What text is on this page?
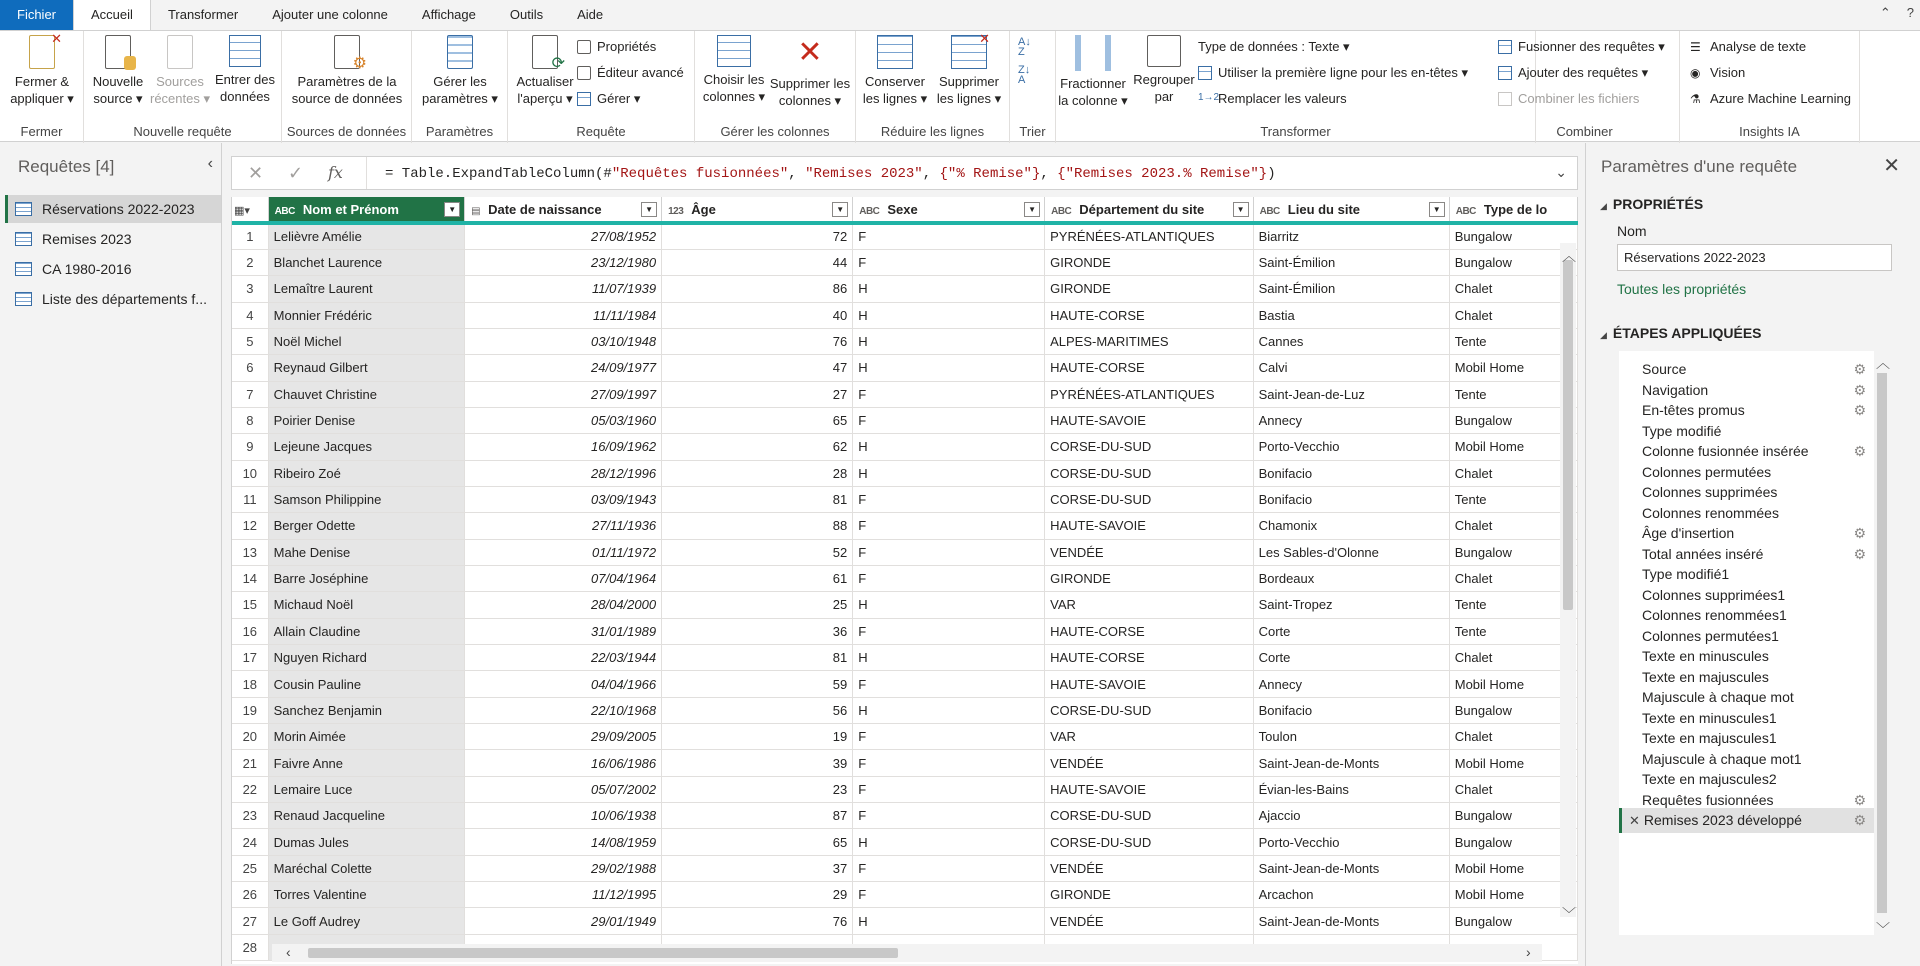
Fichier	Accueil	Transformer	Ajouter une colonne	Affichage	Outils	Aide	⌃ ?
✕
Fermer &
appliquer ▾
Fermer
Nouvelle
source ▾
Sources
récentes ▾
Entrer des
données
Nouvelle requête
⚙
Paramètres de la
source de données
Sources de données
Gérer les
paramètres ▾
Paramètres
⟳
Actualiser
l'aperçu ▾
Propriétés
Éditeur avancé
Gérer ▾
Requête
Choisir les
colonnes ▾
✕
Supprimer les
colonnes ▾
Gérer les colonnes
Conserver
les lignes ▾
✕
Supprimer
les lignes ▾
Réduire les lignes
A↓
Z
Z↓
A
Trier
Fractionner
la colonne ▾
Regrouper
par
Type de données : Texte ▾
Utiliser la première ligne pour les en-têtes ▾
1→2
Remplacer les valeurs
Transformer
Fusionner des requêtes ▾
Ajouter des requêtes ▾
Combiner les fichiers
Combiner
☰ Analyse de texte
◉ Vision
⚗ Azure Machine Learning
Insights IA
Requêtes [4]	‹
Réservations 2022-2023
Remises 2023
CA 1980-2016
Liste des départements f...
✕ ✓ fx	= Table.ExpandTableColumn(#"Requêtes fusionnées", "Remises 2023", {"% Remise"}, {"Remises 2023.% Remise"})	⌄
▦▾	ABC Nom et Prénom ▼	▤ Date de naissance ▼	123 Âge ▼	ABC Sexe ▼	ABC Département du site ▼	ABC Lieu du site ▼	ABC Type de lo
1	Lelièvre Amélie	27/08/1952	72	F	PYRÉNÉES-ATLANTIQUES	Biarritz	Bungalow
2	Blanchet Laurence	23/12/1980	44	F	GIRONDE	Saint-Émilion	Bungalow
3	Lemaître Laurent	11/07/1939	86	H	GIRONDE	Saint-Émilion	Chalet
4	Monnier Frédéric	11/11/1984	40	H	HAUTE-CORSE	Bastia	Chalet
5	Noël Michel	03/10/1948	76	H	ALPES-MARITIMES	Cannes	Tente
6	Reynaud Gilbert	24/09/1977	47	H	HAUTE-CORSE	Calvi	Mobil Home
7	Chauvet Christine	27/09/1997	27	F	PYRÉNÉES-ATLANTIQUES	Saint-Jean-de-Luz	Tente
8	Poirier Denise	05/03/1960	65	F	HAUTE-SAVOIE	Annecy	Bungalow
9	Lejeune Jacques	16/09/1962	62	H	CORSE-DU-SUD	Porto-Vecchio	Mobil Home
10	Ribeiro Zoé	28/12/1996	28	H	CORSE-DU-SUD	Bonifacio	Chalet
11	Samson Philippine	03/09/1943	81	F	CORSE-DU-SUD	Bonifacio	Tente
12	Berger Odette	27/11/1936	88	F	HAUTE-SAVOIE	Chamonix	Chalet
13	Mahe Denise	01/11/1972	52	F	VENDÉE	Les Sables-d'Olonne	Bungalow
14	Barre Joséphine	07/04/1964	61	F	GIRONDE	Bordeaux	Chalet
15	Michaud Noël	28/04/2000	25	H	VAR	Saint-Tropez	Tente
16	Allain Claudine	31/01/1989	36	F	HAUTE-CORSE	Corte	Tente
17	Nguyen Richard	22/03/1944	81	H	HAUTE-CORSE	Corte	Chalet
18	Cousin Pauline	04/04/1966	59	F	HAUTE-SAVOIE	Annecy	Mobil Home
19	Sanchez Benjamin	22/10/1968	56	H	CORSE-DU-SUD	Bonifacio	Bungalow
20	Morin Aimée	29/09/2005	19	F	VAR	Toulon	Chalet
21	Faivre Anne	16/06/1986	39	F	VENDÉE	Saint-Jean-de-Monts	Mobil Home
22	Lemaire Luce	05/07/2002	23	F	HAUTE-SAVOIE	Évian-les-Bains	Chalet
23	Renaud Jacqueline	10/06/1938	87	F	CORSE-DU-SUD	Ajaccio	Bungalow
24	Dumas Jules	14/08/1959	65	H	CORSE-DU-SUD	Porto-Vecchio	Bungalow
25	Maréchal Colette	29/02/1988	37	F	VENDÉE	Saint-Jean-de-Monts	Mobil Home
26	Torres Valentine	11/12/1995	29	F	GIRONDE	Arcachon	Mobil Home
27	Le Goff Audrey	29/01/1949	76	H	VENDÉE	Saint-Jean-de-Monts	Bungalow
28							
︿
﹀
‹	›
Paramètres d'une requête	✕
◢ PROPRIÉTÉS
Nom
Réservations 2022-2023
Toutes les propriétés
◢ ÉTAPES APPLIQUÉES
Source	⚙
Navigation	⚙
En-têtes promus	⚙
Type modifié
Colonne fusionnée insérée	⚙
Colonnes permutées
Colonnes supprimées
Colonnes renommées
Âge d'insertion	⚙
Total années inséré	⚙
Type modifié1
Colonnes supprimées1
Colonnes renommées1
Colonnes permutées1
Texte en minuscules
Texte en majuscules
Majuscule à chaque mot
Texte en minuscules1
Texte en majuscules1
Majuscule à chaque mot1
Texte en majuscules2
Requêtes fusionnées	⚙
✕ Remises 2023 développé	⚙
︿
﹀
